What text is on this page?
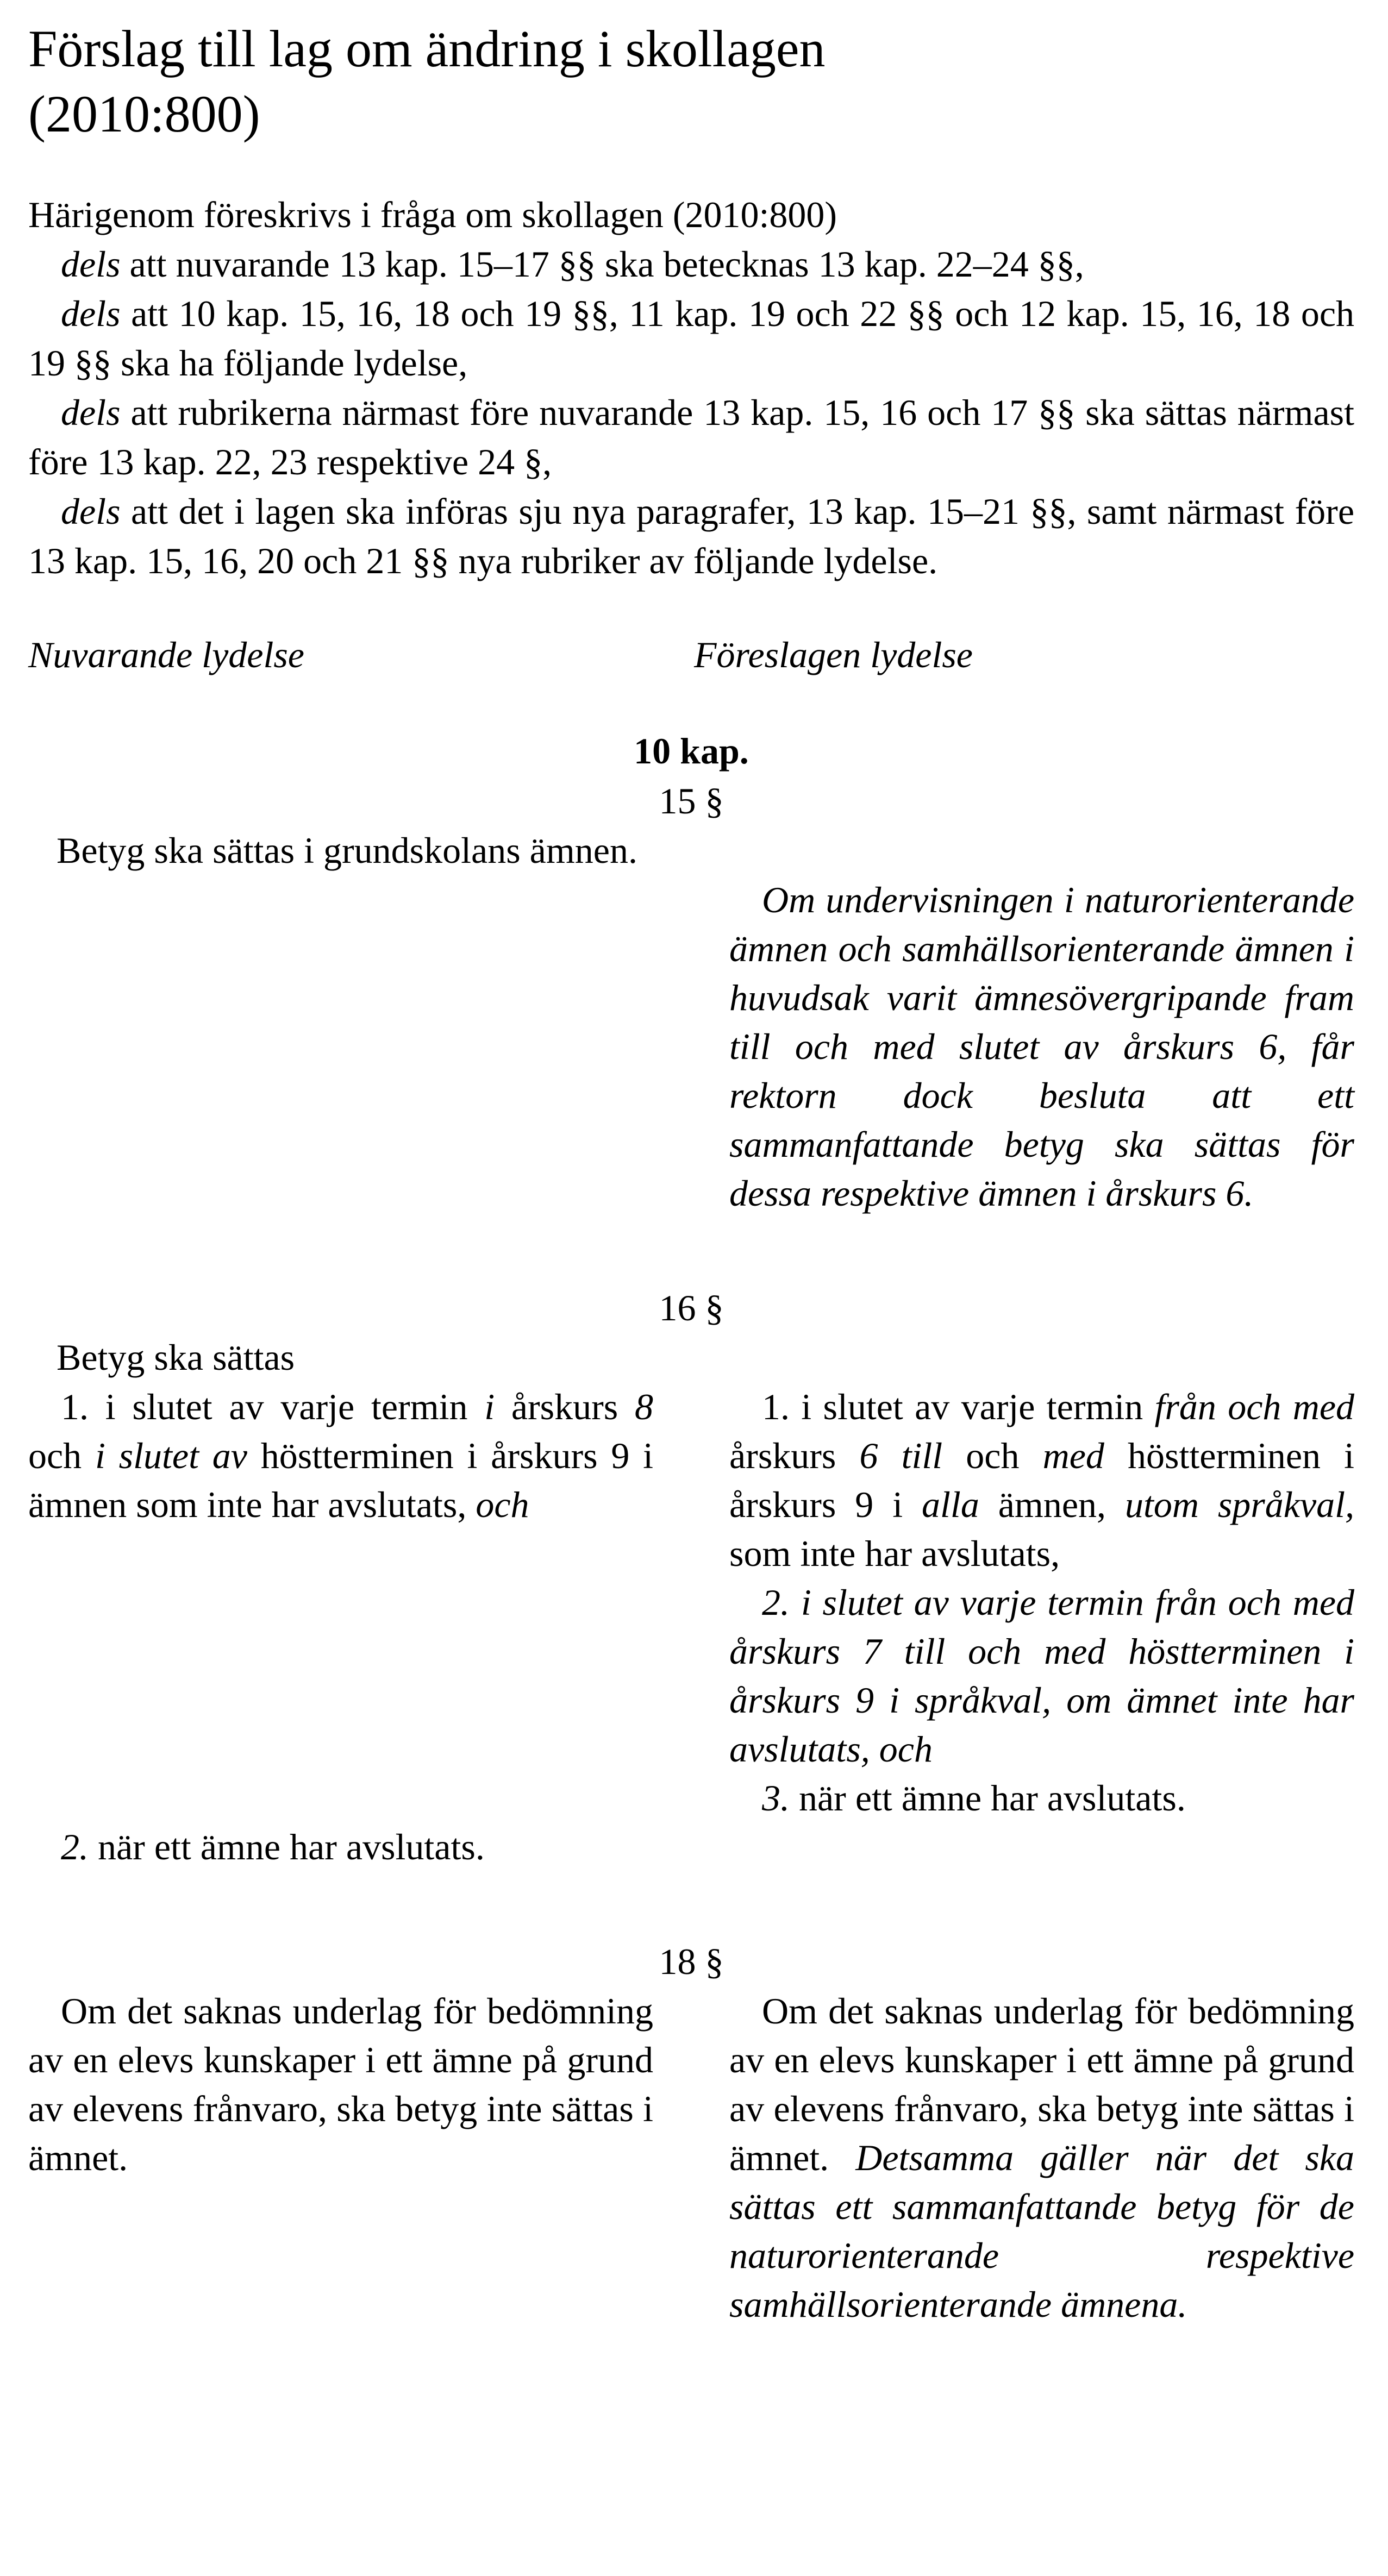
Förslag till lag om ändring i skollagen (2010:800)

Härigenom föreskrivs i fråga om skollagen (2010:800)

dels att nuvarande 13 kap. 15–17 §§ ska betecknas 13 kap. 22–24 §§,

dels att 10 kap. 15, 16, 18 och 19 §§, 11 kap. 19 och 22 §§ och 12 kap. 15, 16, 18 och 19 §§ ska ha följande lydelse,

dels att rubrikerna närmast före nuvarande 13 kap. 15, 16 och 17 §§ ska sättas närmast före 13 kap. 22, 23 respektive 24 §,

dels att det i lagen ska införas sju nya paragrafer, 13 kap. 15–21 §§, samt närmast före 13 kap. 15, 16, 20 och 21 §§ nya rubriker av följande lydelse.

Nuvarande lydelse	Föreslagen lydelse
10 kap.
15 §

Betyg ska sättas i grundskolans ämnen.

Om undervisningen i naturorienterande ämnen och samhällsorienterande ämnen i huvudsak varit ämnesövergripande fram till och med slutet av årskurs 6, får rektorn dock besluta att ett sammanfattande betyg ska sättas för dessa respektive ämnen i årskurs 6.

16 §

Betyg ska sättas

1. i slutet av varje termin i årskurs 8 och i slutet av höstterminen i årskurs 9 i ämnen som inte har avslutats, och

2. när ett ämne har avslutats.

1. i slutet av varje termin från och med årskurs 6 till och med höstterminen i årskurs 9 i alla ämnen, utom språkval, som inte har avslutats,

2. i slutet av varje termin från och med årskurs 7 till och med höstterminen i årskurs 9 i språkval, om ämnet inte har avslutats, och

3. när ett ämne har avslutats.

18 §

Om det saknas underlag för bedömning av en elevs kunskaper i ett ämne på grund av elevens frånvaro, ska betyg inte sättas i ämnet.

Om det saknas underlag för bedömning av en elevs kunskaper i ett ämne på grund av elevens frånvaro, ska betyg inte sättas i ämnet. Detsamma gäller när det ska sättas ett sammanfattande betyg för de naturorienterande respektive samhällsorienterande ämnena.
